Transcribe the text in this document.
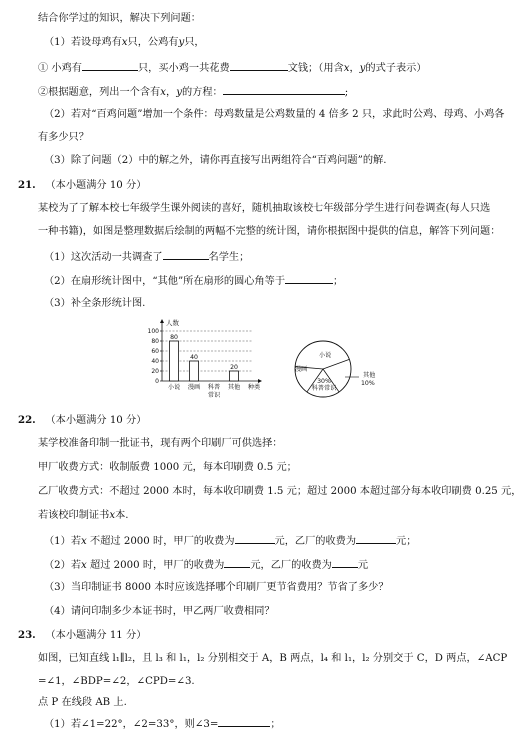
结合你学过的知识，解决下列问题：
（1）若设母鸡有x只，公鸡有y只，
① 小鸡有	只，买小鸡一共花费	文钱；（用含x，y的式子表示）
②根据题意，列出一个含有x，y的方程：	;
（2）若对“百鸡问题”增加一个条件：母鸡数量是公鸡数量的 4 倍多 2 只，求此时公鸡、母鸡、小鸡各
有多少只？
（3）除了问题（2）中的解之外，请你再直接写出两组符合“百鸡问题”的解.
21. （本小题满分 10 分）
某校为了了解本校七年级学生课外阅读的喜好，随机抽取该校七年级部分学生进行问卷调查(每人只选
一种书籍)，如图是整理数据后绘制的两幅不完整的统计图，请你根据图中提供的信息，解答下列问题：
（1）这次活动一共调查了	名学生；
（2）在扇形统计图中，“其他”所在扇形的圆心角等于	；
（3）补全条形统计图.
0
20
40
60
80
100
人数
80
小说
40
漫画 科普
常识
20
其他 种类
小说
漫画
30%
科普常识
其他
10%
22. （本小题满分 10 分）
某学校准备印制一批证书，现有两个印刷厂可供选择：
甲厂收费方式：收制版费 1000 元，每本印刷费 0.5 元；
乙厂收费方式：不超过 2000 本时，每本收印刷费 1.5 元；超过 2000 本超过部分每本收印刷费 0.25 元，
若该校印制证书x本.
（1）若x 不超过 2000 时，甲厂的收费为	元，乙厂的收费为	元；
（2）若x 超过 2000 时，甲厂的收费为	元，乙厂的收费为	元
（3）当印制证书 8000 本时应该选择哪个印刷厂更节省费用？节省了多少？
（4）请问印制多少本证书时，甲乙两厂收费相同？
23. （本小题满分 11 分）
如图，已知直线 l₁∥l₂，且 l₃ 和 l₁，l₂ 分别相交于 A，B 两点，l₄ 和 l₁，l₂ 分别交于 C，D 两点，∠ACP
=∠1，∠BDP=∠2，∠CPD=∠3.
点 P 在线段 AB 上.
（1）若∠1=22°，∠2=33°，则∠3=	；
